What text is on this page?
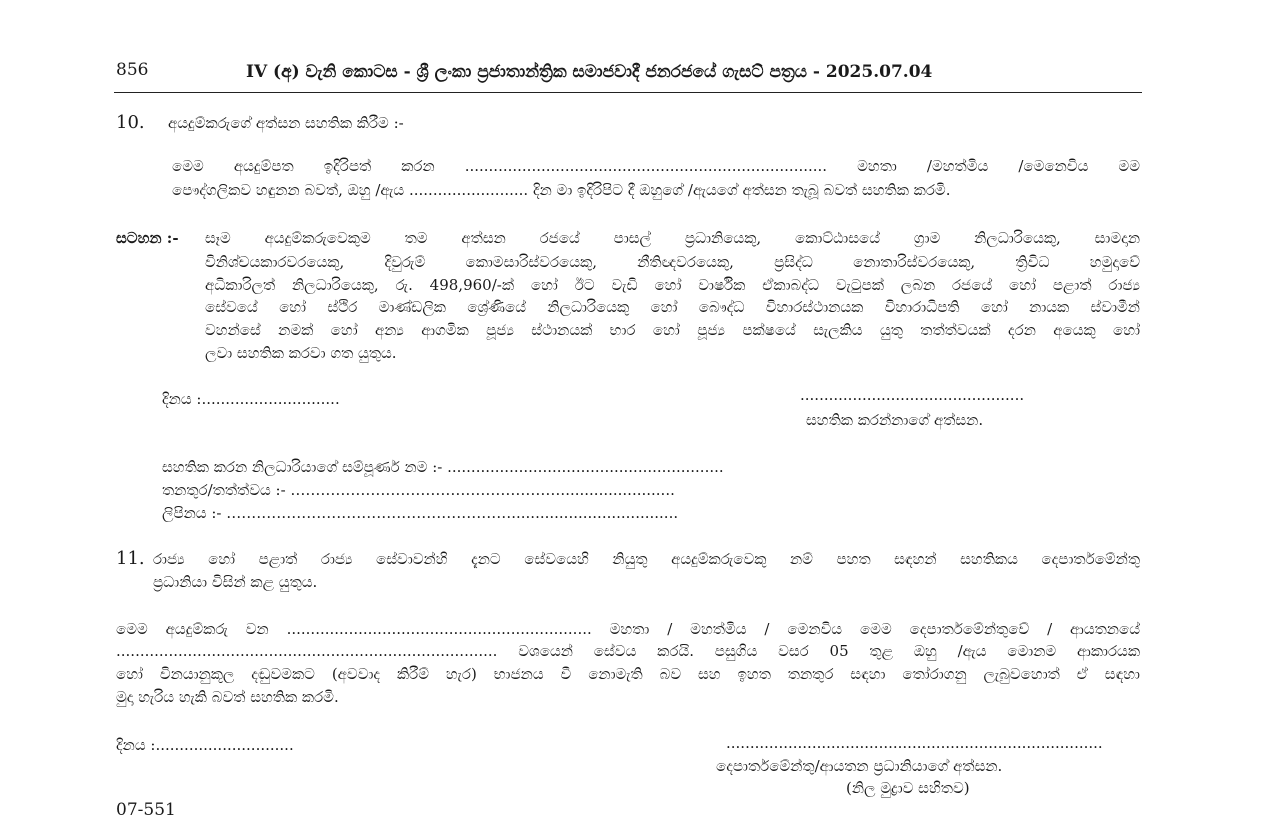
856	IV (අ) වැනි කොටස - ශ්‍රී ලංකා ප්‍රජාතාන්ත්‍රික සමාජවාදී ජනරජයේ ගැසට් පත්‍රය - 2025.07.04
10. අයදුම්කරුගේ අත්සන සහතික කිරීම :-
මෙම අයදුම්පත ඉදිරිපත් කරන ............................................................................ මහතා /මහත්මිය /මෙනෙවිය මම
පෞද්ගලිකව හඳුනන බවත්, ඔහු /ඇය ......................... දින මා ඉදිරිපිට දී ඔහුගේ /ඇයගේ අත්සන තැබූ බවත් සහතික කරමි.
සටහන :- සෑම අයදුම්කරුවෙකුම තම අත්සන රජයේ පාසල් ප්‍රධානියෙකු, කොට්ඨාසයේ ග්‍රාම නිලධාරියෙකු, සාමදාන
විනිශ්චයකාරවරයෙකු, දිවුරුම් කොමසාරිස්වරයෙකු, නීතිඥවරයෙකු, ප්‍රසිද්ධ නොතාරිස්වරයෙකු, ත්‍රිවිධ හමුදාවේ
අධිකාරිලත් නිලධාරියෙකු, රු. 498,960/-ක් හෝ ඊට වැඩි හෝ වාර්ෂික ඒකාබද්ධ වැටුපක් ලබන රජයේ හෝ පළාත් රාජ්‍ය
සේවයේ හෝ ස්ථිර මාණ්ඩලික ශ්‍රේණියේ නිලධාරියෙකු හෝ බෞද්ධ විහාරස්ථානයක විහාරාධිපති හෝ නායක ස්වාමීන්
වහන්සේ නමක් හෝ අන්‍ය ආගමික පූජ්‍ය ස්ථානයක් භාර හෝ පූජ්‍ය පක්ෂයේ සැලකිය යුතු තත්ත්වයක් දරන අයෙකු හෝ
ලවා සහතික කරවා ගත යුතුය.
දිනය :.............................	...............................................
සහතික කරන්නාගේ අත්සන.
සහතික කරන නිලධාරියාගේ සම්පූර්ණ නම :- ..........................................................
තනතුර/තත්ත්වය :- ………………………………………………........................
ලිපිනය :- …………………………………………………...................................
11. රාජ්‍ය හෝ පළාත් රාජ්‍ය සේවාවන්හි දැනට සේවයෙහි නියුතු අයදුම්කරුවෙකු නම් පහත සඳහන් සහතිකය දෙපාර්තමේන්තු
ප්‍රධානියා විසින් කළ යුතුය.
මෙම අයදුම්කරු වන ................................................................ මහතා / මහත්මිය / මෙනවිය මෙම දෙපාර්තමේන්තුවේ / ආයතනයේ
................................................................................ වශයෙන් සේවය කරයි. පසුගිය වසර 05 තුළ ඔහු /ඇය මොනම ආකාරයක
හෝ විනයානුකූල දඬුවමකට (අවවාද කිරීම් හැර) භාජනය වී නොමැති බව සහ ඉහත තනතුර සඳහා තෝරාගනු ලැබුවහොත් ඒ සඳහා
මුදා හැරිය හැකි බවත් සහතික කරමි.
දිනය :.............................	...............................................................................
දෙපාර්තමේන්තු/ආයතන ප්‍රධානියාගේ අත්සන.
(නිල මුද්‍රාව සහිතව)
07-551
